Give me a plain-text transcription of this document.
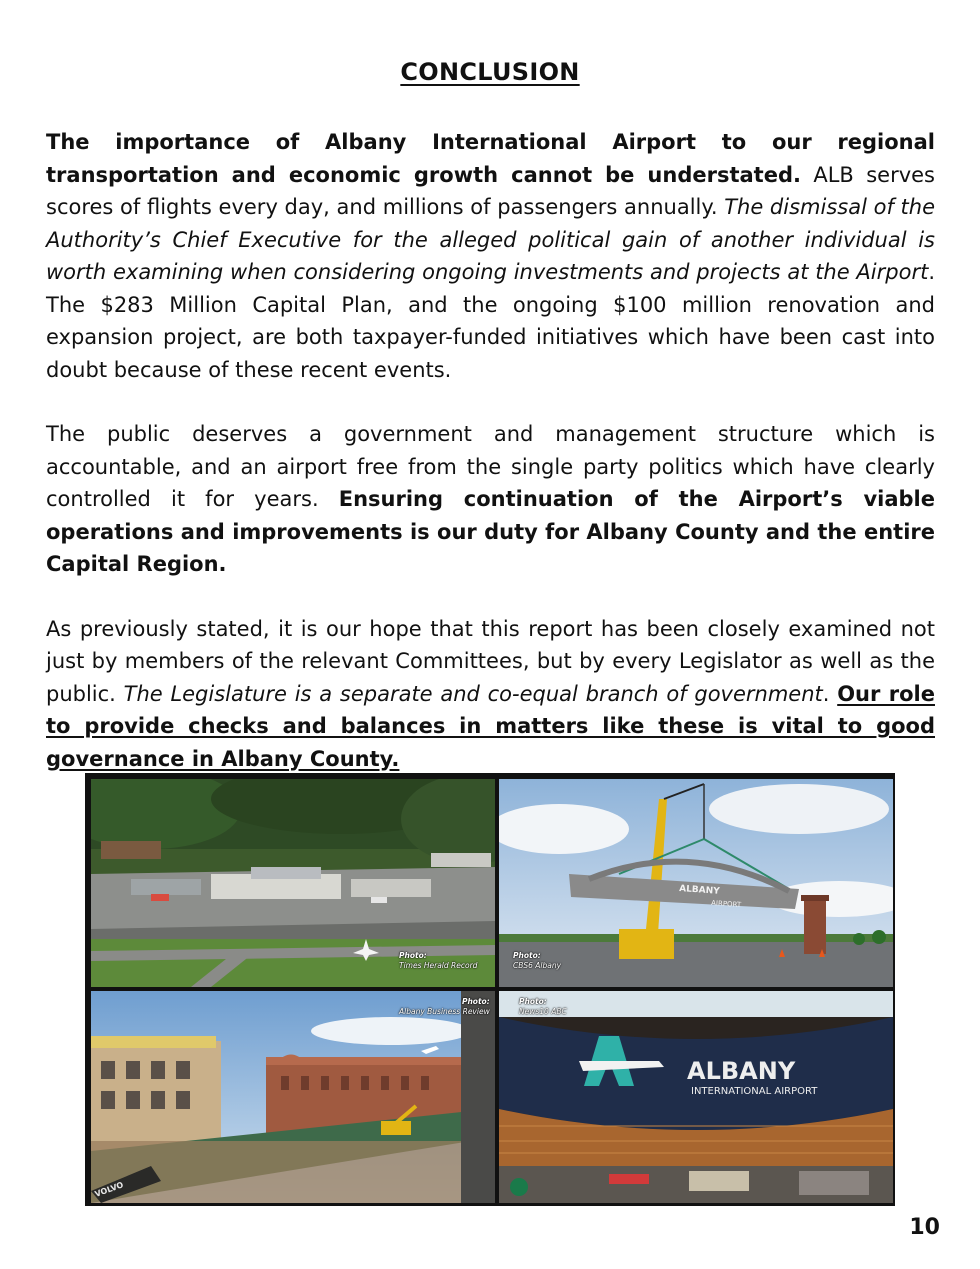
CONCLUSION

The importance of Albany International Airport to our regional transportation and economic growth cannot be understated. ALB serves scores of flights every day, and millions of passengers annually. The dismissal of the Authority’s Chief Executive for the alleged political gain of another individual is worth examining when considering ongoing investments and projects at the Airport. The $283 Million Capital Plan, and the ongoing $100 million renovation and expansion project, are both taxpayer-funded initiatives which have been cast into doubt because of these recent events.

The public deserves a government and management structure which is accountable, and an airport free from the single party politics which have clearly controlled it for years. Ensuring continuation of the Airport’s viable operations and improvements is our duty for Albany County and the entire Capital Region.

As previously stated, it is our hope that this report has been closely examined not just by members of the relevant Committees, but by every Legislator as well as the public. The Legislature is a separate and co-equal branch of government. Our role to provide checks and balances in matters like these is vital to good governance in Albany County.

Photo:
Times Herald Record
ALBANY
AIRPORT
Photo:
CBS6 Albany
VOLVO
Photo:
Albany Business Review
ALBANY
INTERNATIONAL AIRPORT
Photo:
News10 ABC
10
